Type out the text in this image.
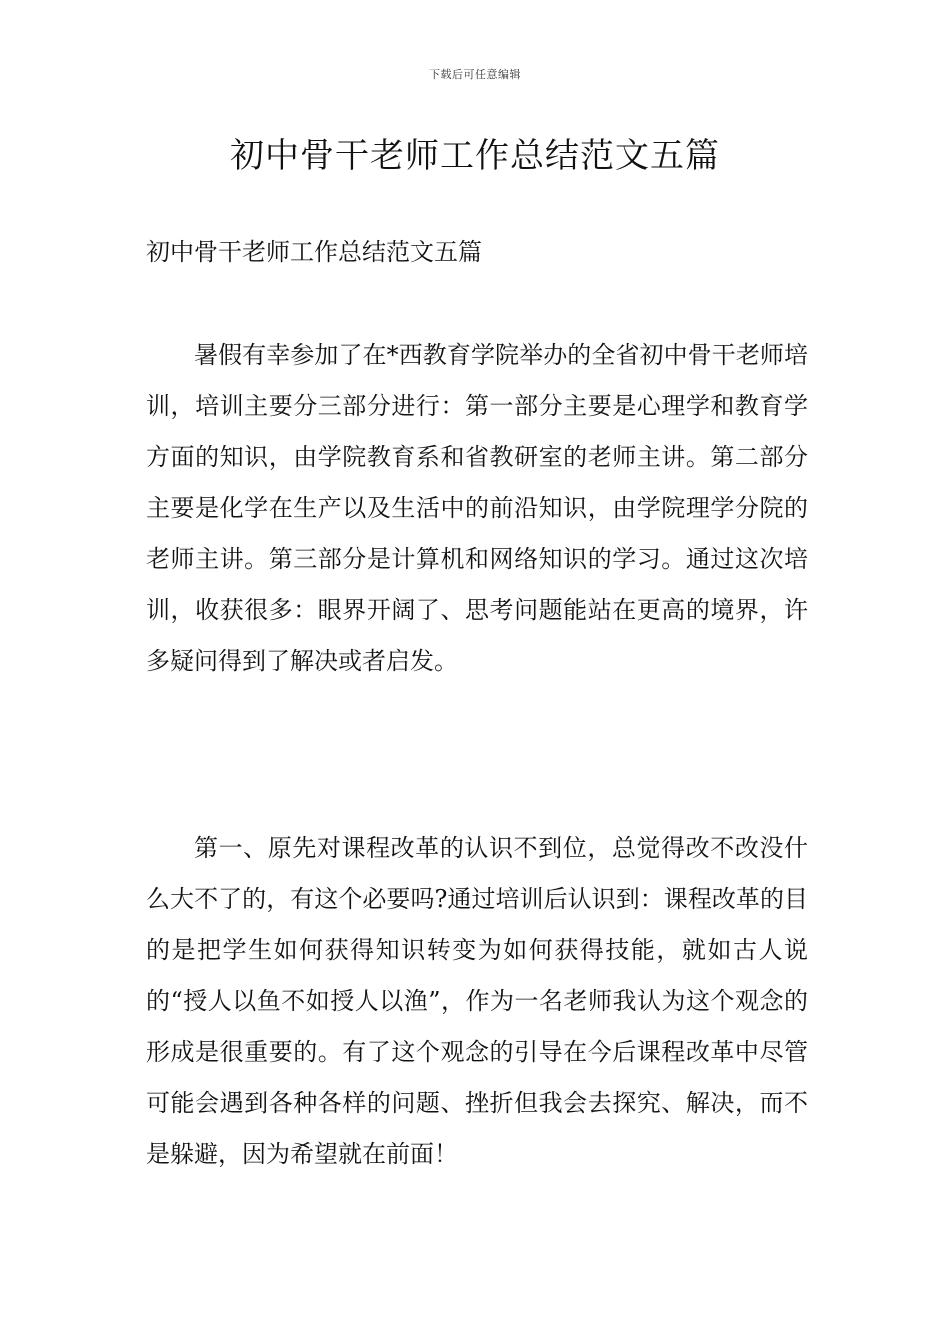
下载后可任意编辑
初中骨干老师工作总结范文五篇

初中骨干老师工作总结范文五篇

暑假有幸参加了在*西教育学院举办的全省初中骨干老师培训，培训主要分三部分进行：第一部分主要是心理学和教育学方面的知识，由学院教育系和省教研室的老师主讲。第二部分主要是化学在生产以及生活中的前沿知识，由学院理学分院的老师主讲。第三部分是计算机和网络知识的学习。通过这次培训，收获很多：眼界开阔了、思考问题能站在更高的境界，许多疑问得到了解决或者启发。

第一、原先对课程改革的认识不到位，总觉得改不改没什么大不了的，有这个必要吗?通过培训后认识到：课程改革的目的是把学生如何获得知识转变为如何获得技能，就如古人说的“授人以鱼不如授人以渔”，作为一名老师我认为这个观念的形成是很重要的。有了这个观念的引导在今后课程改革中尽管可能会遇到各种各样的问题、挫折但我会去探究、解决，而不是躲避，因为希望就在前面！
